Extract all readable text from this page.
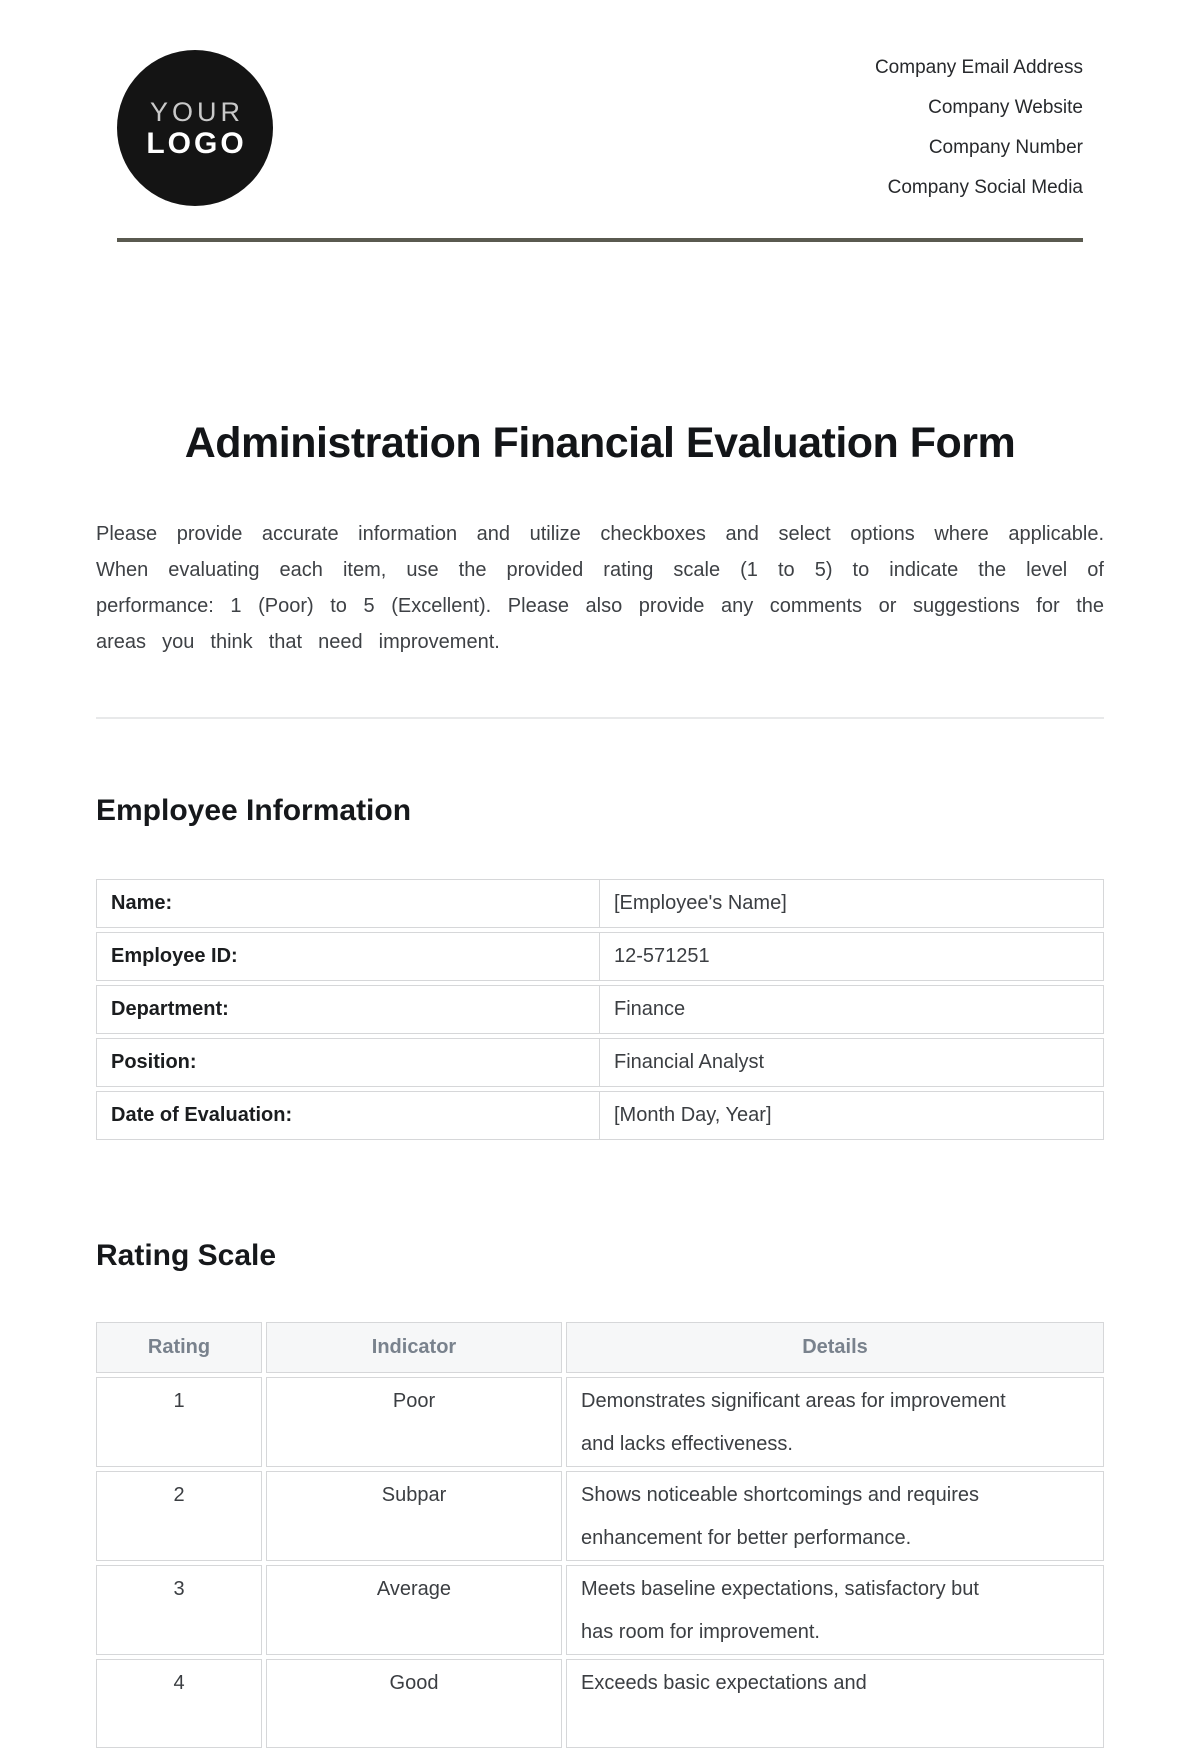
YOUR
LOGO
Company Email Address
Company Website
Company Number
Company Social Media
Administration Financial Evaluation Form

Please provide accurate information and utilize checkboxes and select options where applicable. When evaluating each item, use the provided rating scale (1 to 5) to indicate the level of performance: 1 (Poor) to 5 (Excellent). Please also provide any comments or suggestions for the areas you think that need improvement.

Employee Information
Name:	[Employee's Name]
Employee ID:	12-571251
Department:	Finance
Position:	Financial Analyst
Date of Evaluation:	[Month Day, Year]
Rating Scale
Rating	Indicator	Details
1	Poor	Demonstrates significant areas for improvement and lacks effectiveness.
2	Subpar	Shows noticeable shortcomings and requires enhancement for better performance.
3	Average	Meets baseline expectations, satisfactory but has room for improvement.
4	Good	Exceeds basic expectations and
